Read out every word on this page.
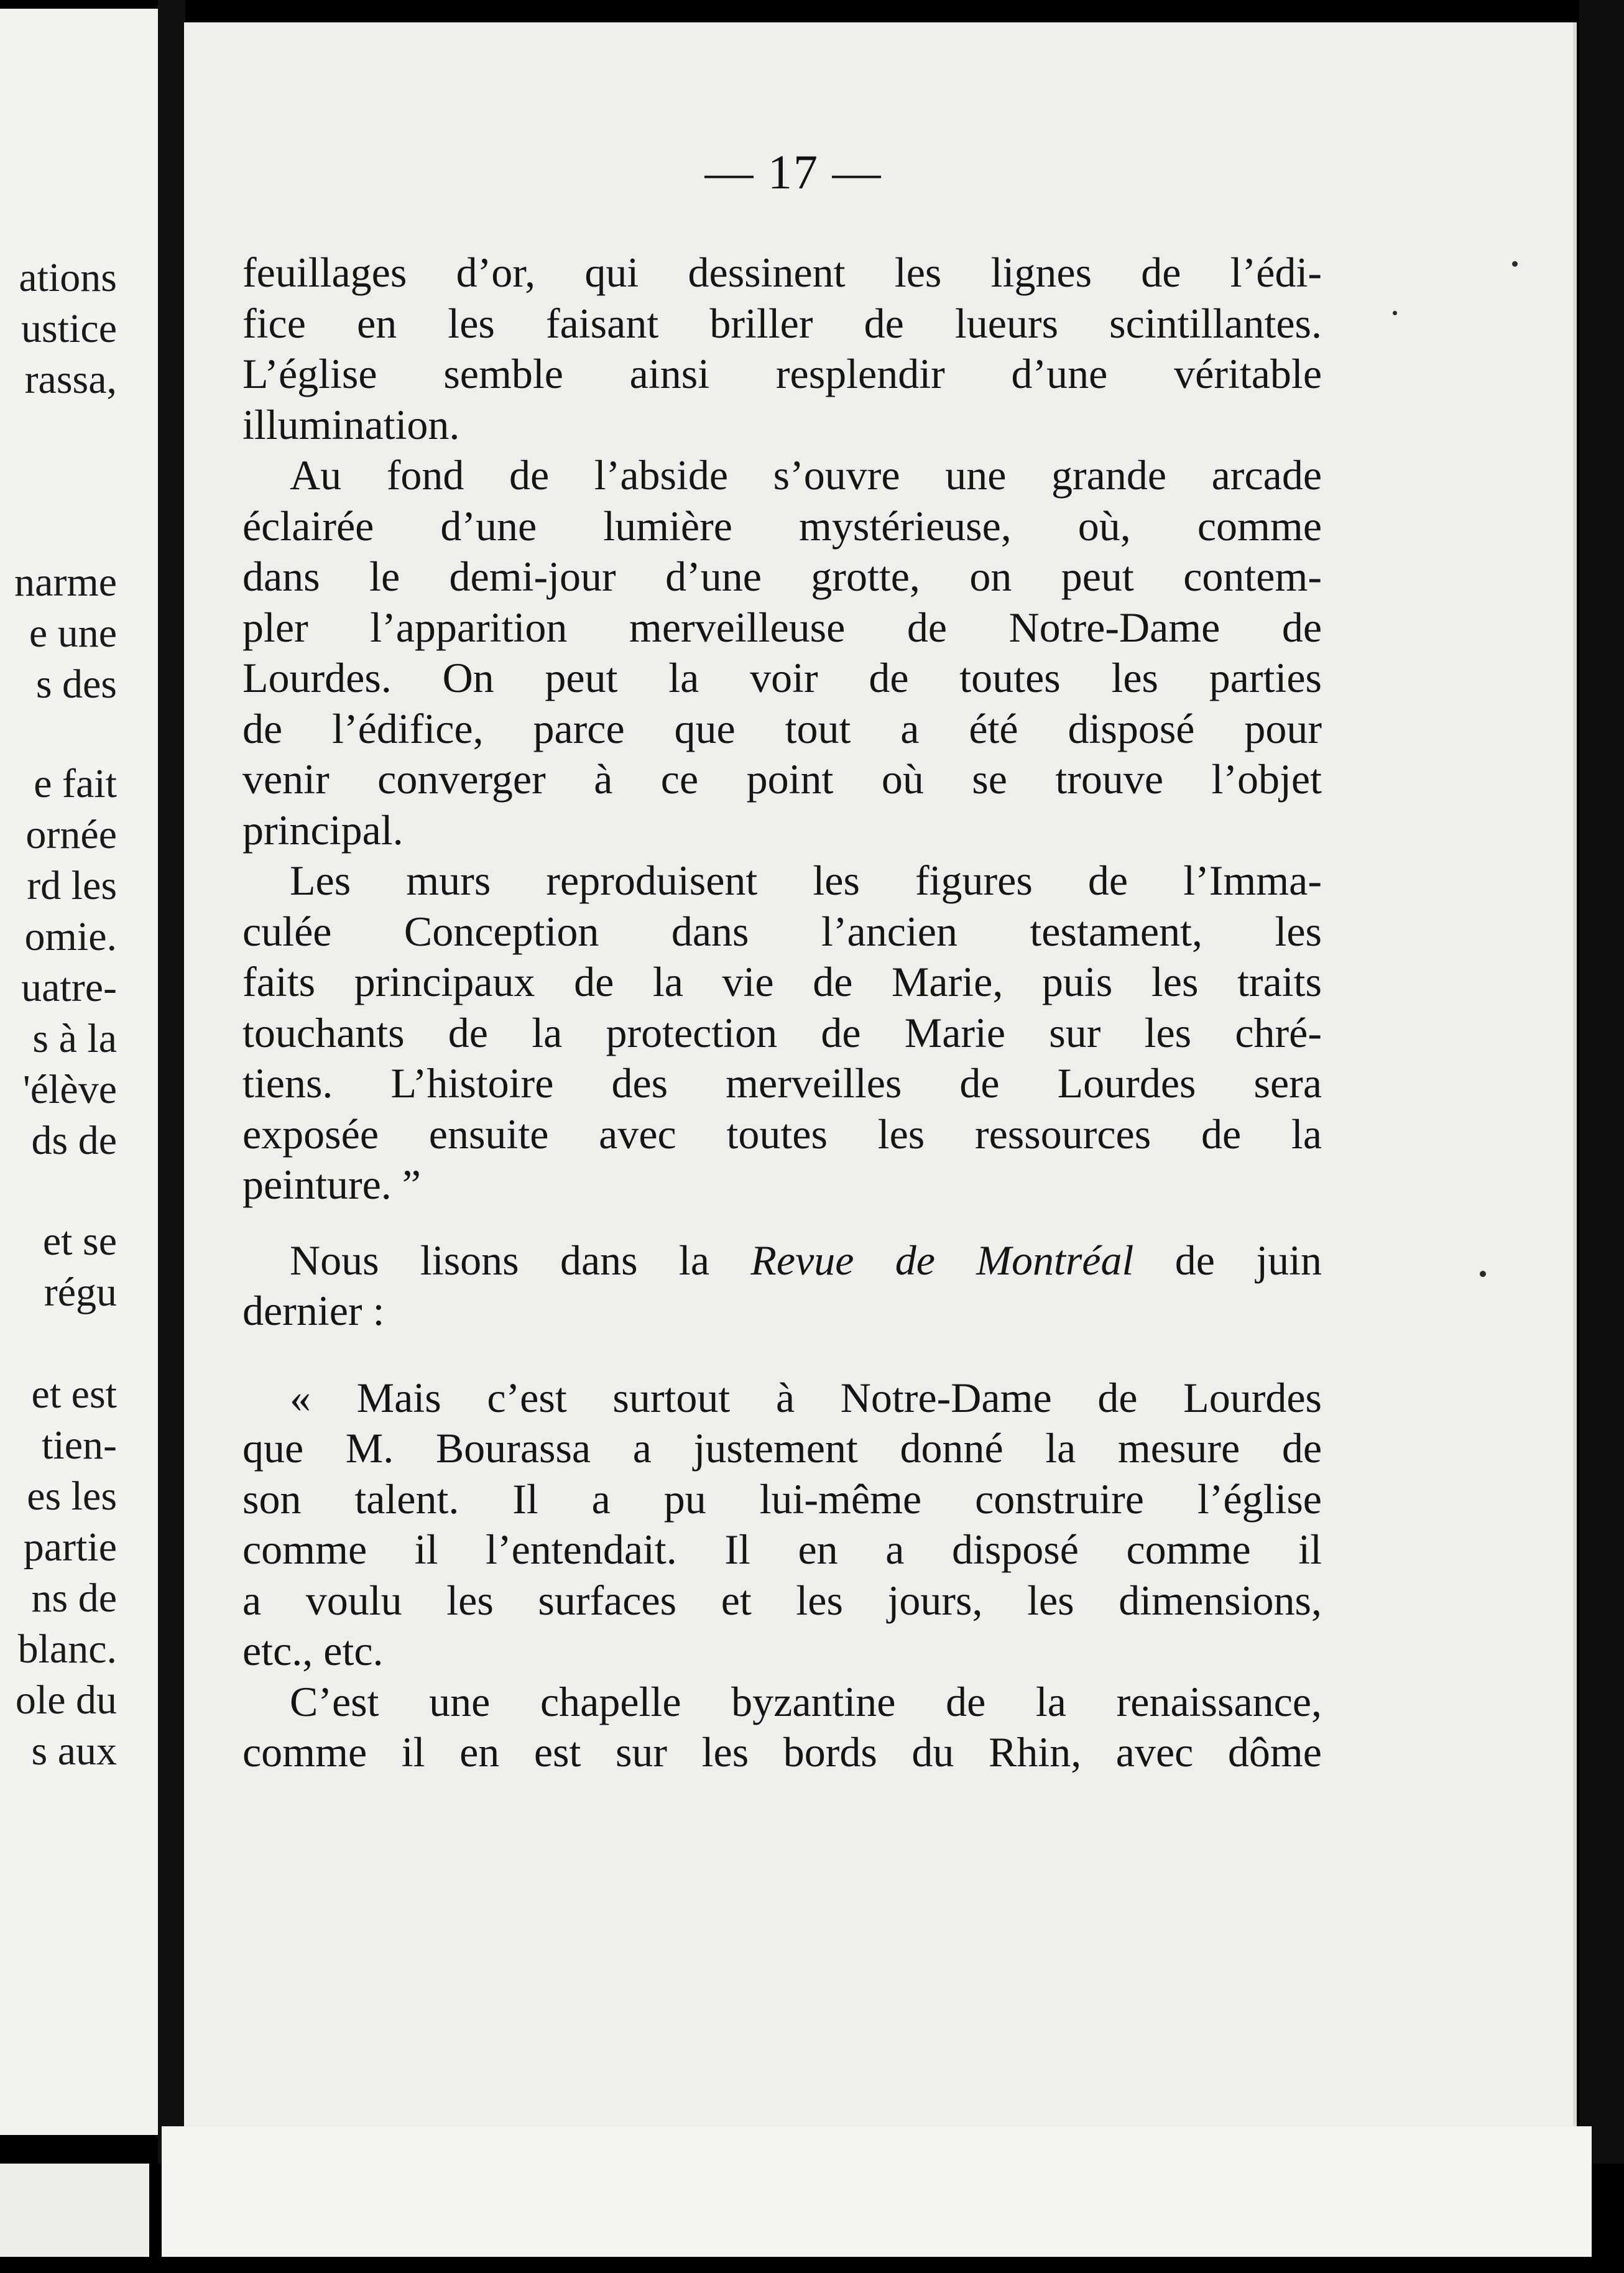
ations
ustice
rassa,
narme
e une
s des
e fait
ornée
rd les
omie.
uatre-
s à la
'élève
ds de
et se
régu
et est
tien-
es les
partie
ns de
blanc.
ole du
s aux
— 17 —
feuillages d’or, qui dessinent les lignes de l’édi-
fice en les faisant briller de lueurs scintillantes.
L’église semble ainsi resplendir d’une véritable
illumination.
Au fond de l’abside s’ouvre une grande arcade
éclairée d’une lumière mystérieuse, où, comme
dans le demi-jour d’une grotte, on peut contem-
pler l’apparition merveilleuse de Notre-Dame de
Lourdes. On peut la voir de toutes les parties
de l’édifice, parce que tout a été disposé pour
venir converger à ce point où se trouve l’objet
principal.
Les murs reproduisent les figures de l’Imma-
culée Conception dans l’ancien testament, les
faits principaux de la vie de Marie, puis les traits
touchants de la protection de Marie sur les chré-
tiens. L’histoire des merveilles de Lourdes sera
exposée ensuite avec toutes les ressources de la
peinture. ”
Nous lisons dans la Revue de Montréal de juin
dernier :
« Mais c’est surtout à Notre-Dame de Lourdes
que M. Bourassa a justement donné la mesure de
son talent. Il a pu lui-même construire l’église
comme il l’entendait. Il en a disposé comme il
a voulu les surfaces et les jours, les dimensions,
etc., etc.
C’est une chapelle byzantine de la renaissance,
comme il en est sur les bords du Rhin, avec dôme
